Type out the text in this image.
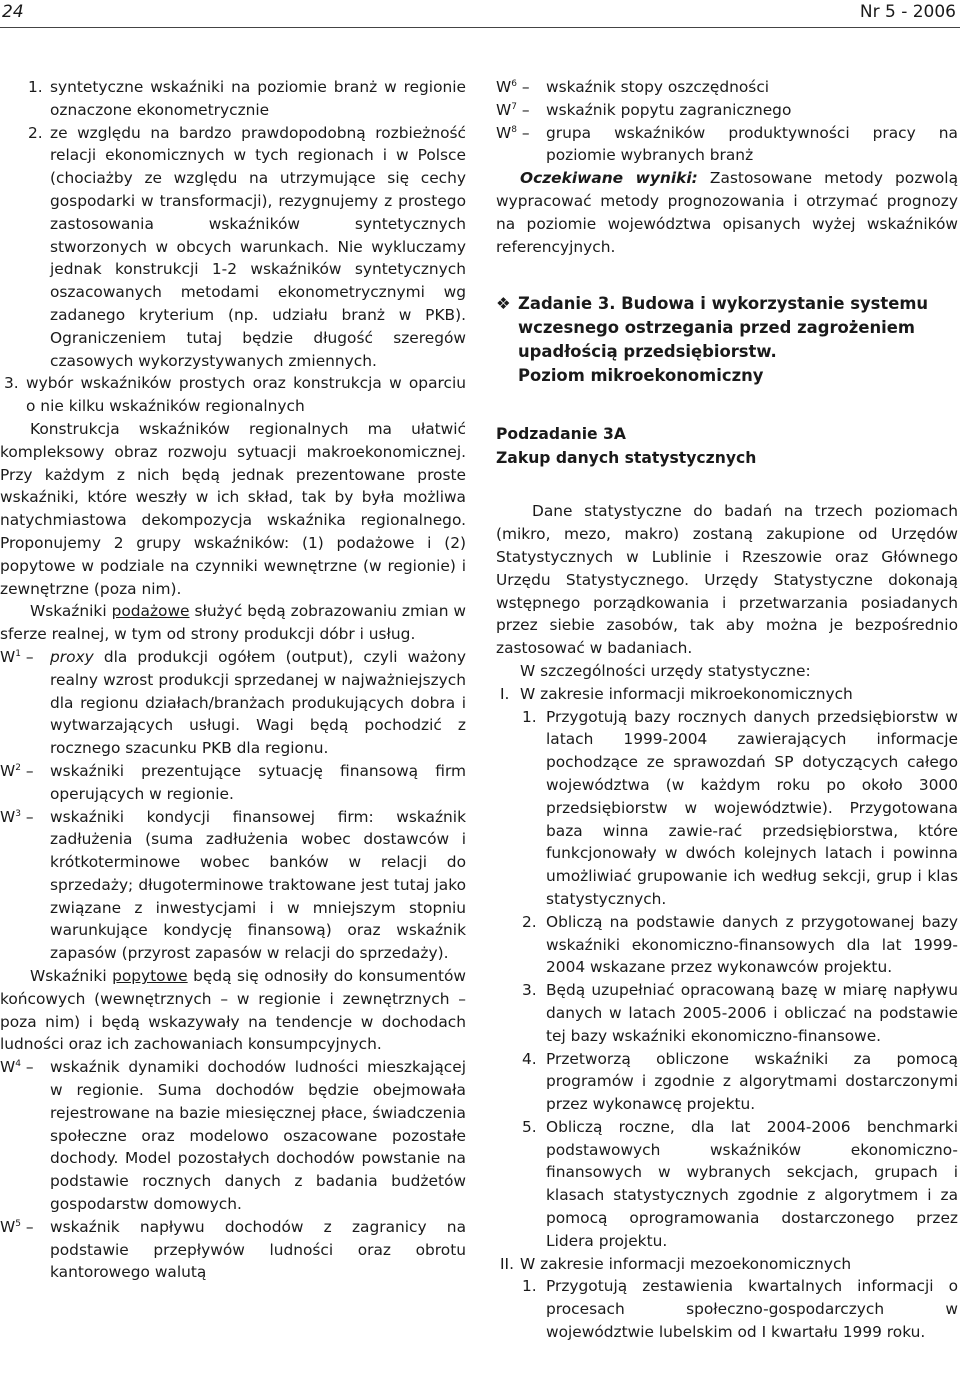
24	Nr 5 - 2006
1. syntetyczne wskaźniki na poziomie branż w regionie oznaczone ekonometrycznie
2. ze względu na bardzo prawdopodobną rozbieżność relacji ekonomicznych w tych regionach i w Polsce (chociażby ze względu na utrzymujące się cechy gospodarki w transformacji), rezygnujemy z prostego zastosowania wskaźników syntetycznych stworzonych w obcych warunkach. Nie wykluczamy jednak konstrukcji 1-2 wskaźników syntetycznych oszacowanych metodami ekonometrycznymi wg zadanego kryterium (np. udziału branż w PKB). Ograniczeniem tutaj będzie długość szeregów czasowych wykorzystywanych zmiennych.
3. wybór wskaźników prostych oraz konstrukcja w oparciu o nie kilku wskaźników regionalnych

Konstrukcja wskaźników regionalnych ma ułatwić kompleksowy obraz rozwoju sytuacji makroekonomicznej. Przy każdym z nich będą jednak prezentowane proste wskaźniki, które weszły w ich skład, tak by była możliwa natychmiastowa dekompozycja wskaźnika regionalnego. Proponujemy 2 grupy wskaźników: (1) podażowe i (2) popytowe w podziale na czynniki wewnętrzne (w regionie) i zewnętrzne (poza nim).

Wskaźniki podażowe służyć będą zobrazowaniu zmian w sferze realnej, w tym od strony produkcji dóbr i usług.

$W^1$ – proxy dla produkcji ogółem (output), czyli ważony realny wzrost produkcji sprzedanej w najważniejszych dla regionu działach/branżach produkujących dobra i wytwarzających usługi. Wagi będą pochodzić z rocznego szacunku PKB dla regionu.
$W^2$ – wskaźniki prezentujące sytuację finansową firm operujących w regionie.
$W^3$ – wskaźniki kondycji finansowej firm: wskaźnik zadłużenia (suma zadłużenia wobec dostawców i krótkoterminowe wobec banków w relacji do sprzedaży; długoterminowe traktowane jest tutaj jako związane z inwestycjami i w mniejszym stopniu warunkujące kondycję finansową) oraz wskaźnik zapasów (przyrost zapasów w relacji do sprzedaży).

Wskaźniki popytowe będą się odnosiły do konsumentów końcowych (wewnętrznych – w regionie i zewnętrznych – poza nim) i będą wskazywały na tendencje w dochodach ludności oraz ich zachowaniach konsumpcyjnych.

$W^4$ – wskaźnik dynamiki dochodów ludności mieszkającej w regionie. Suma dochodów będzie obejmowała rejestrowane na bazie miesięcznej płace, świadczenia społeczne oraz modelowo oszacowane pozostałe dochody. Model pozostałych dochodów powstanie na podstawie rocznych danych z badania budżetów gospodarstw domowych.
$W^5$ – wskaźnik napływu dochodów z zagranicy na podstawie przepływów ludności oraz obrotu kantorowego walutą
$W^6$ – wskaźnik stopy oszczędności
$W^7$ – wskaźnik popytu zagranicznego
$W^8$ – grupa wskaźników produktywności pracy na poziomie wybranych branż

Oczekiwane wyniki: Zastosowane metody pozwolą wypracować metody prognozowania i otrzymać prognozy na poziomie województwa opisanych wyżej wskaźników referencyjnych.

❖ Zadanie 3. Budowa i wykorzystanie systemu wczesnego ostrzegania przed zagrożeniem upadłością przedsiębiorstw.
Poziom mikroekonomiczny
Podzadanie 3A
Zakup danych statystycznych

Dane statystyczne do badań na trzech poziomach (mikro, mezo, makro) zostaną zakupione od Urzędów Statystycznych w Lublinie i Rzeszowie oraz Głównego Urzędu Statystycznego. Urzędy Statystyczne dokonają wstępnego porządkowania i przetwarzania posiadanych przez siebie zasobów, tak aby można je bezpośrednio zastosować w badaniach.

W szczególności urzędy statystyczne:

I. W zakresie informacji mikroekonomicznych
1. Przygotują bazy rocznych danych przedsiębiorstw w latach 1999-2004 zawierających informacje pochodzące ze sprawozdań SP dotyczących całego województwa (w każdym roku po około 3000 przedsiębiorstw w województwie). Przygotowana baza winna zawie-rać przedsiębiorstwa, które funkcjonowały w dwóch kolejnych latach i powinna umożliwiać grupowanie ich według sekcji, grup i klas statystycznych.
2. Obliczą na podstawie danych z przygotowanej bazy wskaźniki ekonomiczno-finansowych dla lat 1999-2004 wskazane przez wykonawców projektu.
3. Będą uzupełniać opracowaną bazę w miarę napływu danych w latach 2005-2006 i obliczać na podstawie tej bazy wskaźniki ekonomiczno-finansowe.
4. Przetworzą obliczone wskaźniki za pomocą programów i zgodnie z algorytmami dostarczonymi przez wykonawcę projektu.
5. Obliczą roczne, dla lat 2004-2006 benchmarki podstawowych wskaźników ekonomiczno-finansowych w wybranych sekcjach, grupach i klasach statystycznych zgodnie z algorytmem i za pomocą oprogramowania dostarczonego przez Lidera projektu.
II. W zakresie informacji mezoekonomicznych
1. Przygotują zestawienia kwartalnych informacji o procesach społeczno-gospodarczych w województwie lubelskim od I kwartału 1999 roku.
